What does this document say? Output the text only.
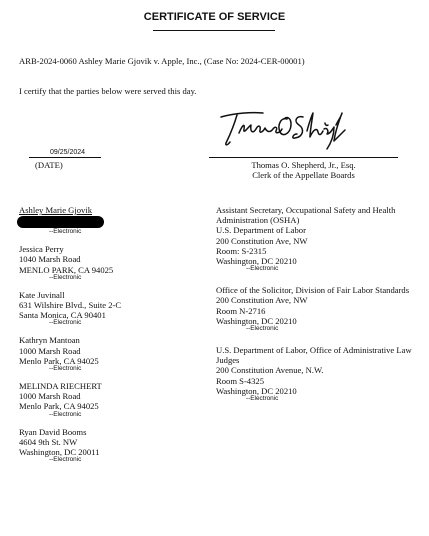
CERTIFICATE OF SERVICE
ARB-2024-0060 Ashley Marie Gjovik v. Apple, Inc., (Case No: 2024-CER-00001)
I certify that the parties below were served this day.
09/25/2024
(DATE)	Thomas O. Shepherd, Jr., Esq.
Clerk of the Appellate Boards
Ashley Marie Gjovik
--Electronic
Jessica Perry
1040 Marsh Road
MENLO PARK, CA 94025
--Electronic
Kate Juvinall
631 Wilshire Blvd., Suite 2-C
Santa Monica, CA 90401
--Electronic
Kathryn Mantoan
1000 Marsh Road
Menlo Park, CA 94025
--Electronic
MELINDA RIECHERT
1000 Marsh Road
Menlo Park, CA 94025
--Electronic
Ryan David Booms
4604 9th St. NW
Washington, DC 20011
--Electronic
Assistant Secretary, Occupational Safety and Health Administration (OSHA)
U.S. Department of Labor
200 Constitution Ave, NW
Room: S-2315
Washington, DC 20210
--Electronic
Office of the Solicitor, Division of Fair Labor Standards
200 Constitution Ave, NW
Room N-2716
Washington, DC 20210
--Electronic
U.S. Department of Labor, Office of Administrative Law Judges
200 Constitution Avenue, N.W.
Room S-4325
Washington, DC 20210
--Electronic
